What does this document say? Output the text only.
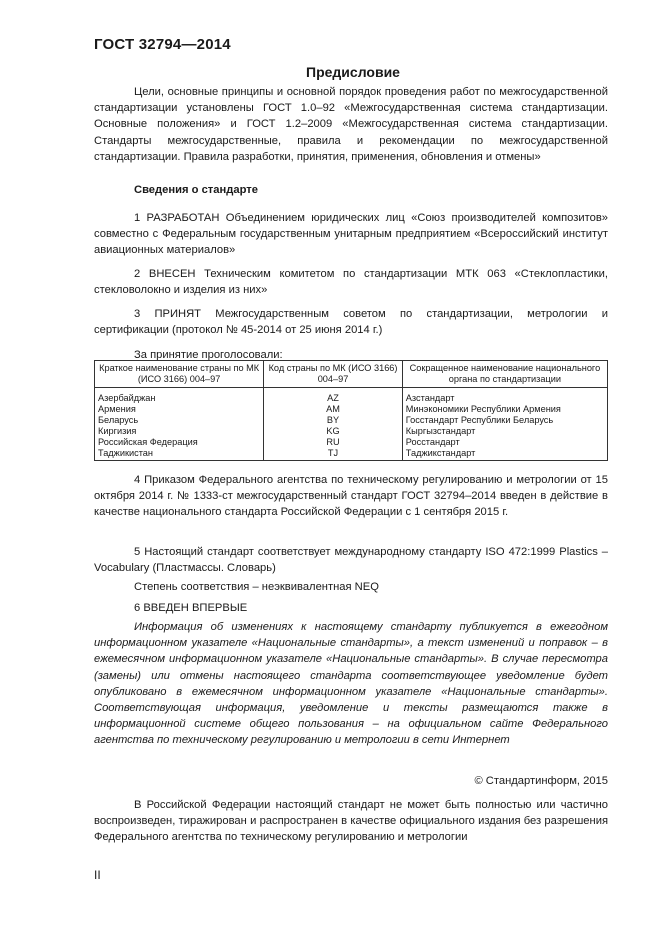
ГОСТ 32794—2014
Предисловие
Цели, основные принципы и основной порядок проведения работ по межгосударственной стандартизации установлены ГОСТ 1.0–92 «Межгосударственная система стандартизации. Основные положения» и ГОСТ 1.2–2009 «Межгосударственная система стандартизации. Стандарты межгосударственные, правила и рекомендации по межгосударственной стандартизации. Правила разработки, принятия, применения, обновления и отмены»
Сведения о стандарте
1 РАЗРАБОТАН Объединением юридических лиц «Союз производителей композитов» совместно с Федеральным государственным унитарным предприятием «Всероссийский институт авиационных материалов»
2 ВНЕСЕН Техническим комитетом по стандартизации МТК 063 «Стеклопластики, стекловолокно и изделия из них»
3 ПРИНЯТ Межгосударственным советом по стандартизации, метрологии и сертификации (протокол № 45-2014 от 25 июня 2014 г.)
За принятие проголосовали:
Краткое наименование страны по МК (ИСО 3166) 004–97	Код страны по МК (ИСО 3166) 004–97	Сокращенное наименование национального органа по стандартизации
Азербайджан	AZ	Азстандарт
Армения	AM	Минэкономики Республики Армения
Беларусь	BY	Госстандарт Республики Беларусь
Киргизия	KG	Кыргызстандарт
Российская Федерация	RU	Росстандарт
Таджикистан	TJ	Таджикстандарт
4 Приказом Федерального агентства по техническому регулированию и метрологии от 15 октября 2014 г. № 1333-ст межгосударственный стандарт ГОСТ 32794–2014 введен в действие в качестве национального стандарта Российской Федерации с 1 сентября 2015 г.
5 Настоящий стандарт соответствует международному стандарту ISO 472:1999 Plastics – Vocabulary (Пластмассы. Словарь)
Степень соответствия – неэквивалентная NEQ
6 ВВЕДЕН ВПЕРВЫЕ
Информация об изменениях к настоящему стандарту публикуется в ежегодном информационном указателе «Национальные стандарты», а текст изменений и поправок – в ежемесячном информационном указателе «Национальные стандарты». В случае пересмотра (замены) или отмены настоящего стандарта соответствующее уведомление будет опубликовано в ежемесячном информационном указателе «Национальные стандарты». Соответствующая информация, уведомление и тексты размещаются также в информационной системе общего пользования – на официальном сайте Федерального агентства по техническому регулированию и метрологии в сети Интернет
© Стандартинформ, 2015
В Российской Федерации настоящий стандарт не может быть полностью или частично воспроизведен, тиражирован и распространен в качестве официального издания без разрешения Федерального агентства по техническому регулированию и метрологии
II
